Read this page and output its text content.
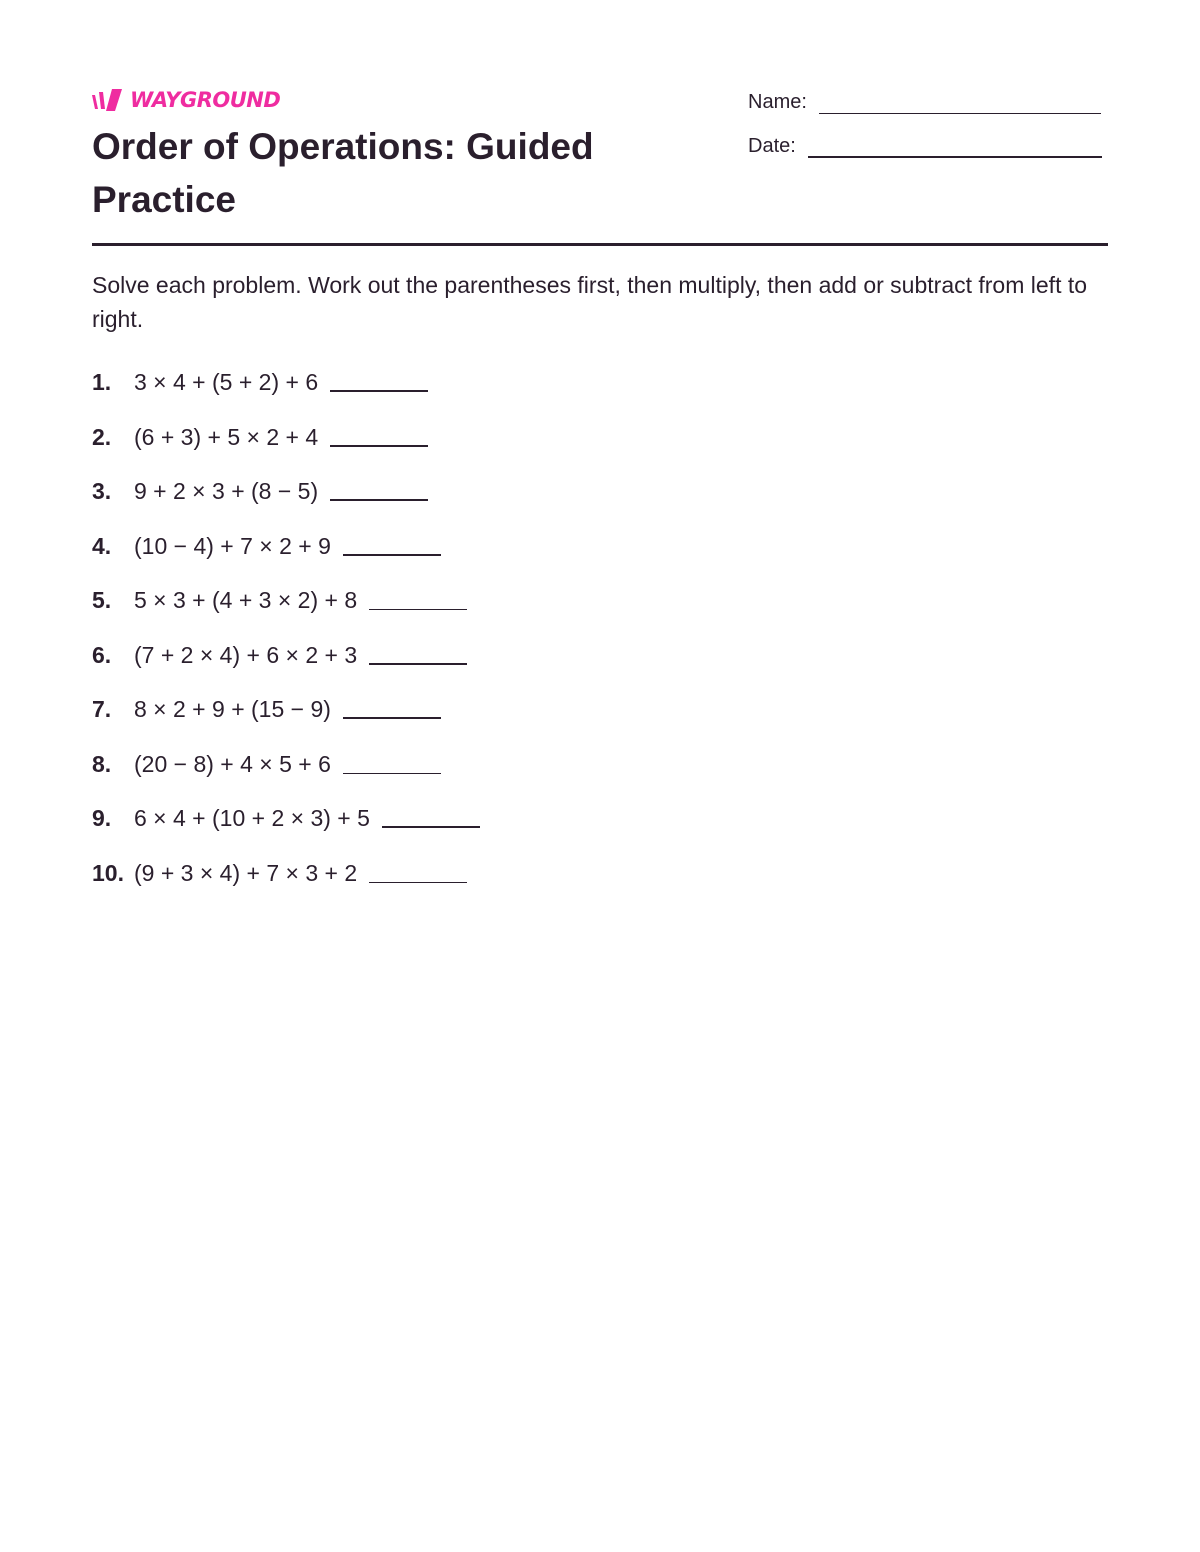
WAYGROUND
Order of Operations: Guided Practice
Name:
Date:

Solve each problem. Work out the parentheses first, then multiply, then add or subtract from left to right.

1. 3 × 4 + (5 + 2) + 6
2. (6 + 3) + 5 × 2 + 4
3. 9 + 2 × 3 + (8 − 5)
4. (10 − 4) + 7 × 2 + 9
5. 5 × 3 + (4 + 3 × 2) + 8
6. (7 + 2 × 4) + 6 × 2 + 3
7. 8 × 2 + 9 + (15 − 9)
8. (20 − 8) + 4 × 5 + 6
9. 6 × 4 + (10 + 2 × 3) + 5
10. (9 + 3 × 4) + 7 × 3 + 2
